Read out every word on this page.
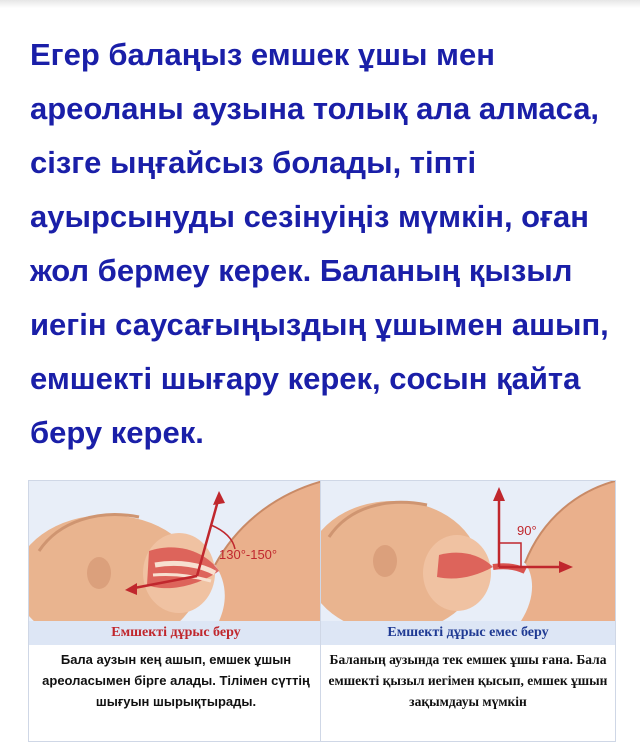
Егер балаңыз емшек ұшы мен ареоланы аузына толық ала алмаса, сізге ыңғайсыз болады, тіпті ауырсынуды сезінуіңіз мүмкін, оған жол бермеу керек. Баланың қызыл иегін саусағыңыздың ұшымен ашып, емшекті шығару керек, сосын қайта беру керек.

130°-150°
Емшекті дұрыс беру
Бала аузын кең ашып, емшек ұшын ареоласымен бірге алады. Тілімен сүттің шығуын шырықтырады.
90°
Емшекті дұрыс емес беру
Баланың аузында тек емшек ұшы ғана. Бала емшекті қызыл иегімен қысып, емшек ұшын зақымдауы мүмкін
